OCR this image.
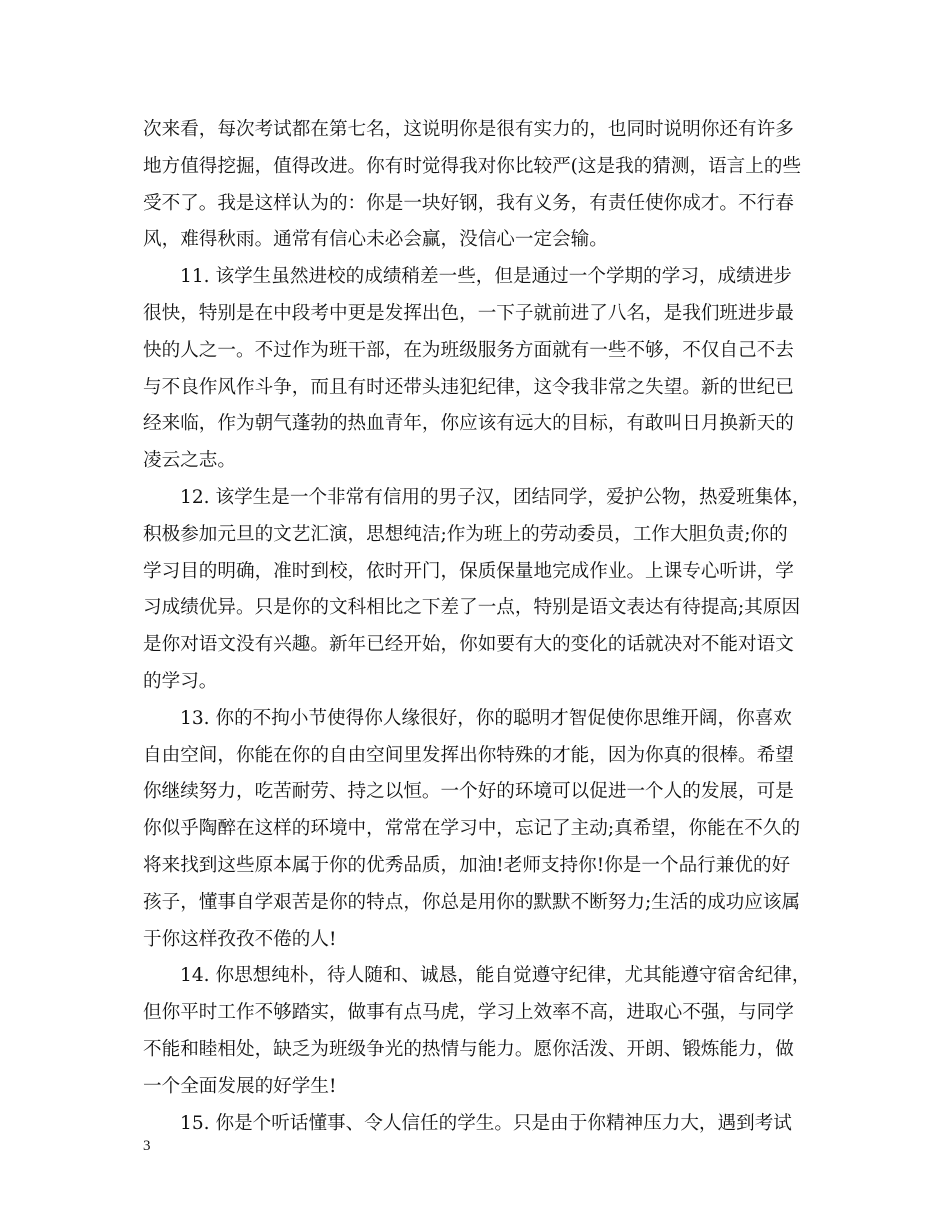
次来看，每次考试都在第七名，这说明你是很有实力的，也同时说明你还有许多
地方值得挖掘，值得改进。你有时觉得我对你比较严(这是我的猜测，语言上的些
受不了。我是这样认为的：你是一块好钢，我有义务，有责任使你成才。不行春
风，难得秋雨。通常有信心未必会赢，没信心一定会输。
11. 该学生虽然进校的成绩稍差一些，但是通过一个学期的学习，成绩进步
很快，特别是在中段考中更是发挥出色，一下子就前进了八名，是我们班进步最
快的人之一。不过作为班干部，在为班级服务方面就有一些不够，不仅自己不去
与不良作风作斗争，而且有时还带头违犯纪律，这令我非常之失望。新的世纪已
经来临，作为朝气蓬勃的热血青年，你应该有远大的目标，有敢叫日月换新天的
凌云之志。
12. 该学生是一个非常有信用的男子汉，团结同学，爱护公物，热爱班集体，
积极参加元旦的文艺汇演，思想纯洁;作为班上的劳动委员，工作大胆负责;你的
学习目的明确，准时到校，依时开门，保质保量地完成作业。上课专心听讲，学
习成绩优异。只是你的文科相比之下差了一点，特别是语文表达有待提高;其原因
是你对语文没有兴趣。新年已经开始，你如要有大的变化的话就决对不能对语文
的学习。
13. 你的不拘小节使得你人缘很好，你的聪明才智促使你思维开阔，你喜欢
自由空间，你能在你的自由空间里发挥出你特殊的才能，因为你真的很棒。希望
你继续努力，吃苦耐劳、持之以恒。一个好的环境可以促进一个人的发展，可是
你似乎陶醉在这样的环境中，常常在学习中，忘记了主动;真希望，你能在不久的
将来找到这些原本属于你的优秀品质，加油!老师支持你!你是一个品行兼优的好
孩子，懂事自学艰苦是你的特点，你总是用你的默默不断努力;生活的成功应该属
于你这样孜孜不倦的人!
14. 你思想纯朴，待人随和、诚恳，能自觉遵守纪律，尤其能遵守宿舍纪律，
但你平时工作不够踏实，做事有点马虎，学习上效率不高，进取心不强，与同学
不能和睦相处，缺乏为班级争光的热情与能力。愿你活泼、开朗、锻炼能力，做
一个全面发展的好学生!
15. 你是个听话懂事、令人信任的学生。只是由于你精神压力大，遇到考试
3
